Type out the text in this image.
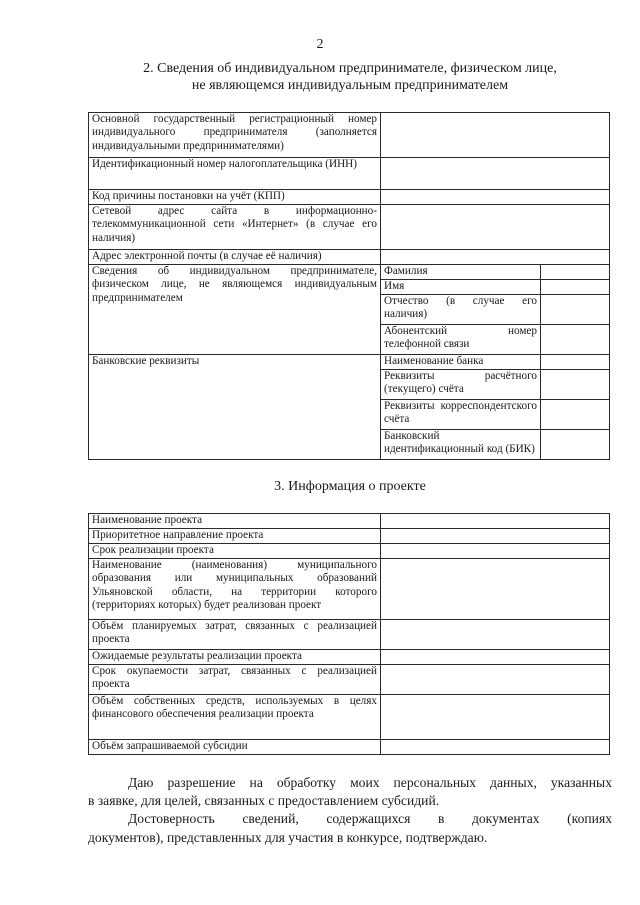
2
2. Сведения об индивидуальном предпринимателе, физическом лице,
не являющемся индивидуальным предпринимателем
Основной государственный регистрационный номер индивидуального предпринимателя (заполняется индивидуальными предпринимателями)		
Идентификационный номер налогоплательщика (ИНН)		
Код причины постановки на учёт (КПП)		
Сетевой адрес сайта в информационно-телекоммуникационной сети «Интернет» (в случае его наличия)		
Адрес электронной почты (в случае её наличия)		
Сведения об индивидуальном предпринимателе, физическом лице, не являющемся индивидуальным предпринимателем	Фамилия	
	Имя	
	Отчество (в случае его наличия)	
	Абонентский номер телефонной связи	
Банковские реквизиты	Наименование банка	
	Реквизиты расчётного (текущего) счёта	
	Реквизиты корреспондентского счёта	
	Банковский идентификационный код (БИК)	
3. Информация о проекте
Наименование проекта	
Приоритетное направление проекта	
Срок реализации проекта	
Наименование (наименования) муниципального образования или муниципальных образований Ульяновской области, на территории которого (территориях которых) будет реализован проект	
Объём планируемых затрат, связанных с реализацией проекта	
Ожидаемые результаты реализации проекта	
Срок окупаемости затрат, связанных с реализацией проекта	
Объём собственных средств, используемых в целях финансового обеспечения реализации проекта	
Объём запрашиваемой субсидии	
Даю разрешение на обработку моих персональных данных, указанных
в заявке, для целей, связанных с предоставлением субсидий.
Достоверность сведений, содержащихся в документах (копиях
документов), представленных для участия в конкурсе, подтверждаю.
